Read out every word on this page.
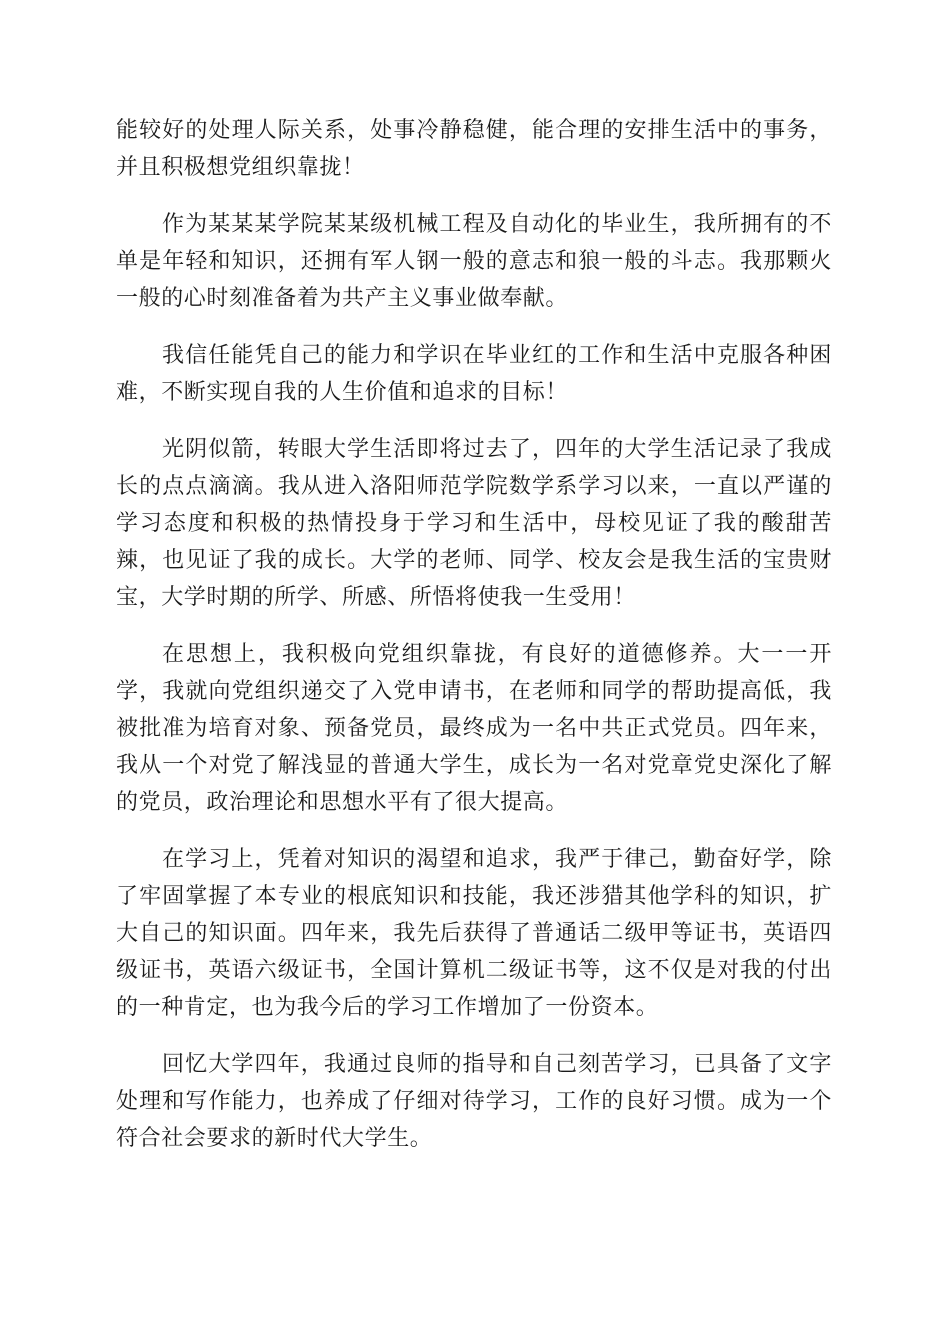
能较好的处理人际关系，处事冷静稳健，能合理的安排生活中的事务，并且积极想党组织靠拢！

作为某某某学院某某级机械工程及自动化的毕业生，我所拥有的不单是年轻和知识，还拥有军人钢一般的意志和狼一般的斗志。我那颗火一般的心时刻准备着为共产主义事业做奉献。

我信任能凭自己的能力和学识在毕业红的工作和生活中克服各种困难，不断实现自我的人生价值和追求的目标！

光阴似箭，转眼大学生活即将过去了，四年的大学生活记录了我成长的点点滴滴。我从进入洛阳师范学院数学系学习以来，一直以严谨的学习态度和积极的热情投身于学习和生活中，母校见证了我的酸甜苦辣，也见证了我的成长。大学的老师、同学、校友会是我生活的宝贵财宝，大学时期的所学、所感、所悟将使我一生受用！

在思想上，我积极向党组织靠拢，有良好的道德修养。大一一开学，我就向党组织递交了入党申请书，在老师和同学的帮助提高低，我被批准为培育对象、预备党员，最终成为一名中共正式党员。四年来，我从一个对党了解浅显的普通大学生，成长为一名对党章党史深化了解的党员，政治理论和思想水平有了很大提高。

在学习上，凭着对知识的渴望和追求，我严于律己，勤奋好学，除了牢固掌握了本专业的根底知识和技能，我还涉猎其他学科的知识，扩大自己的知识面。四年来，我先后获得了普通话二级甲等证书，英语四级证书，英语六级证书，全国计算机二级证书等，这不仅是对我的付出的一种肯定，也为我今后的学习工作增加了一份资本。

回忆大学四年，我通过良师的指导和自己刻苦学习，已具备了文字处理和写作能力，也养成了仔细对待学习，工作的良好习惯。成为一个符合社会要求的新时代大学生。
